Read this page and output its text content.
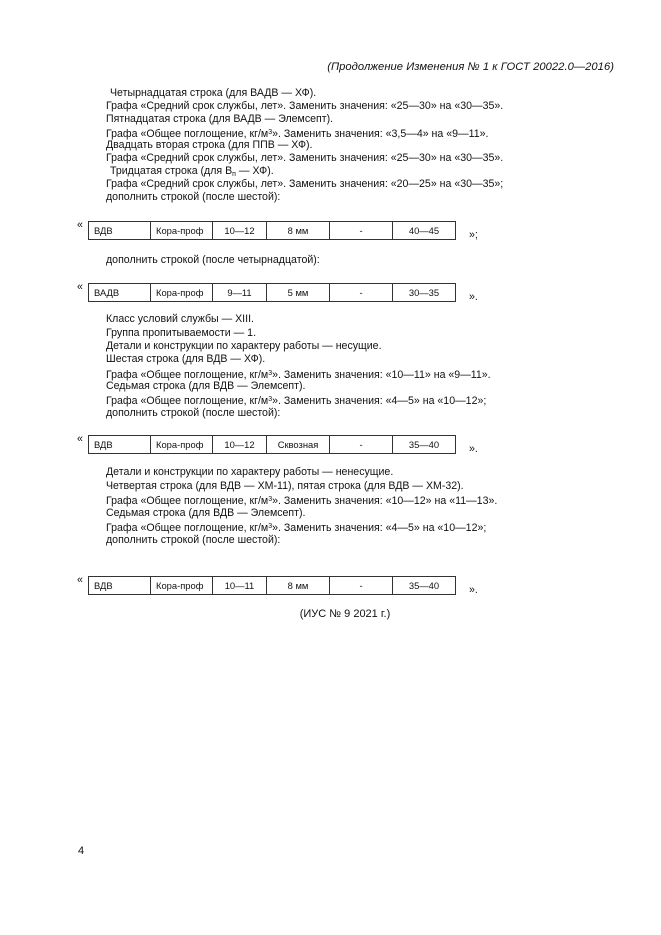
(Продолжение Изменения № 1 к ГОСТ 20022.0—2016)
Четырнадцатая строка (для ВАДВ — ХФ).
Графа «Средний срок службы, лет». Заменить значения: «25—30» на «30—35».
Пятнадцатая строка (для ВАДВ — Элемсепт).
Графа «Общее поглощение, $кг/м^3$». Заменить значения: «3,5—4» на «9—11».
Двадцать вторая строка (для ППВ — ХФ).
Графа «Средний срок службы, лет». Заменить значения: «25—30» на «30—35».
Тридцатая строка (для $В_п$ — ХФ).
Графа «Средний срок службы, лет». Заменить значения: «20—25» на «30—35»;
дополнить строкой (после шестой):
« ВДВ	Кора-проф	10—12	8 мм	-	40—45	»;
дополнить строкой (после четырнадцатой):
« ВАДВ	Кора-проф	9—11	5 мм	-	30—35	».
Класс условий службы — XIII.
Группа пропитываемости — 1.
Детали и конструкции по характеру работы — несущие.
Шестая строка (для ВДВ — ХФ).
Графа «Общее поглощение, $кг/м^3$». Заменить значения: «10—11» на «9—11».
Седьмая строка (для ВДВ — Элемсепт).
Графа «Общее поглощение, $кг/м^3$». Заменить значения: «4—5» на «10—12»;
дополнить строкой (после шестой):
« ВДВ	Кора-проф	10—12	Сквозная	-	35—40	».
Детали и конструкции по характеру работы — ненесущие.
Четвертая строка (для ВДВ — ХМ-11), пятая строка (для ВДВ — ХМ-32).
Графа «Общее поглощение, $кг/м^3$». Заменить значения: «10—12» на «11—13».
Седьмая строка (для ВДВ — Элемсепт).
Графа «Общее поглощение, $кг/м^3$». Заменить значения: «4—5» на «10—12»;
дополнить строкой (после шестой):
« ВДВ	Кора-проф	10—11	8 мм	-	35—40	».
(ИУС № 9 2021 г.)
4
